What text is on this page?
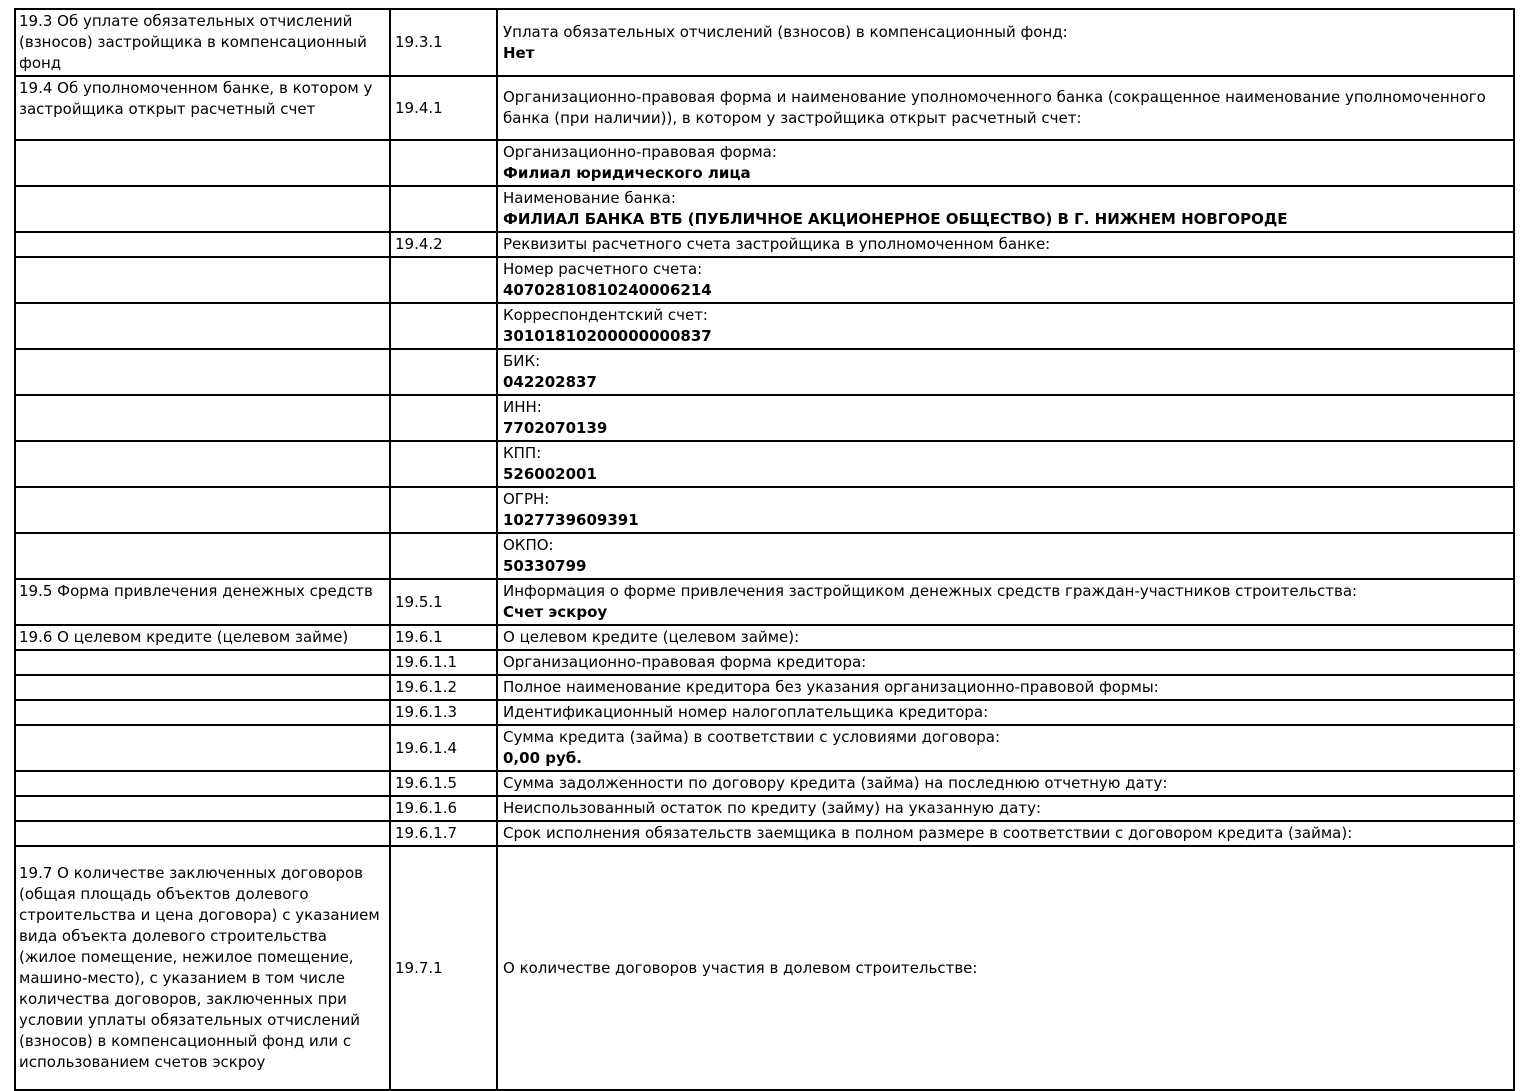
19.3 Об уплате обязательных отчислений (взносов) застройщика в компенсационный фонд	19.3.1	Уплата обязательных отчислений (взносов) в компенсационный фонд:
Нет

19.4 Об уполномоченном банке, в котором у застройщика открыт расчетный счет	19.4.1	Организационно-правовая форма и наименование уполномоченного банка (сокращенное наименование уполномоченного банка (при наличии)), в котором у застройщика открыт расчетный счет:

		Организационно-правовая форма:
Филиал юридического лица

		Наименование банка:
ФИЛИАЛ БАНКА ВТБ (ПУБЛИЧНОЕ АКЦИОНЕРНОЕ ОБЩЕСТВО) В Г. НИЖНЕМ НОВГОРОДЕ

	19.4.2	Реквизиты расчетного счета застройщика в уполномоченном банке:

		Номер расчетного счета:
40702810810240006214

		Корреспондентский счет:
30101810200000000837

		БИК:
042202837

		ИНН:
7702070139

		КПП:
526002001

		ОГРН:
1027739609391

		ОКПО:
50330799

19.5 Форма привлечения денежных средств	19.5.1	Информация о форме привлечения застройщиком денежных средств граждан-участников строительства:
Счет эскроу

19.6 О целевом кредите (целевом займе)	19.6.1	О целевом кредите (целевом займе):

	19.6.1.1	Организационно-правовая форма кредитора:

	19.6.1.2	Полное наименование кредитора без указания организационно-правовой формы:

	19.6.1.3	Идентификационный номер налогоплательщика кредитора:

	19.6.1.4	Сумма кредита (займа) в соответствии с условиями договора:
0,00 руб.

	19.6.1.5	Сумма задолженности по договору кредита (займа) на последнюю отчетную дату:

	19.6.1.6	Неиспользованный остаток по кредиту (займу) на указанную дату:

	19.6.1.7	Срок исполнения обязательств заемщика в полном размере в соответствии с договором кредита (займа):

19.7 О количестве заключенных договоров (общая площадь объектов долевого строительства и цена договора) с указанием вида объекта долевого строительства (жилое помещение, нежилое помещение, машино-место), с указанием в том числе количества договоров, заключенных при условии уплаты обязательных отчислений (взносов) в компенсационный фонд или с использованием счетов эскроу	19.7.1	О количестве договоров участия в долевом строительстве:
